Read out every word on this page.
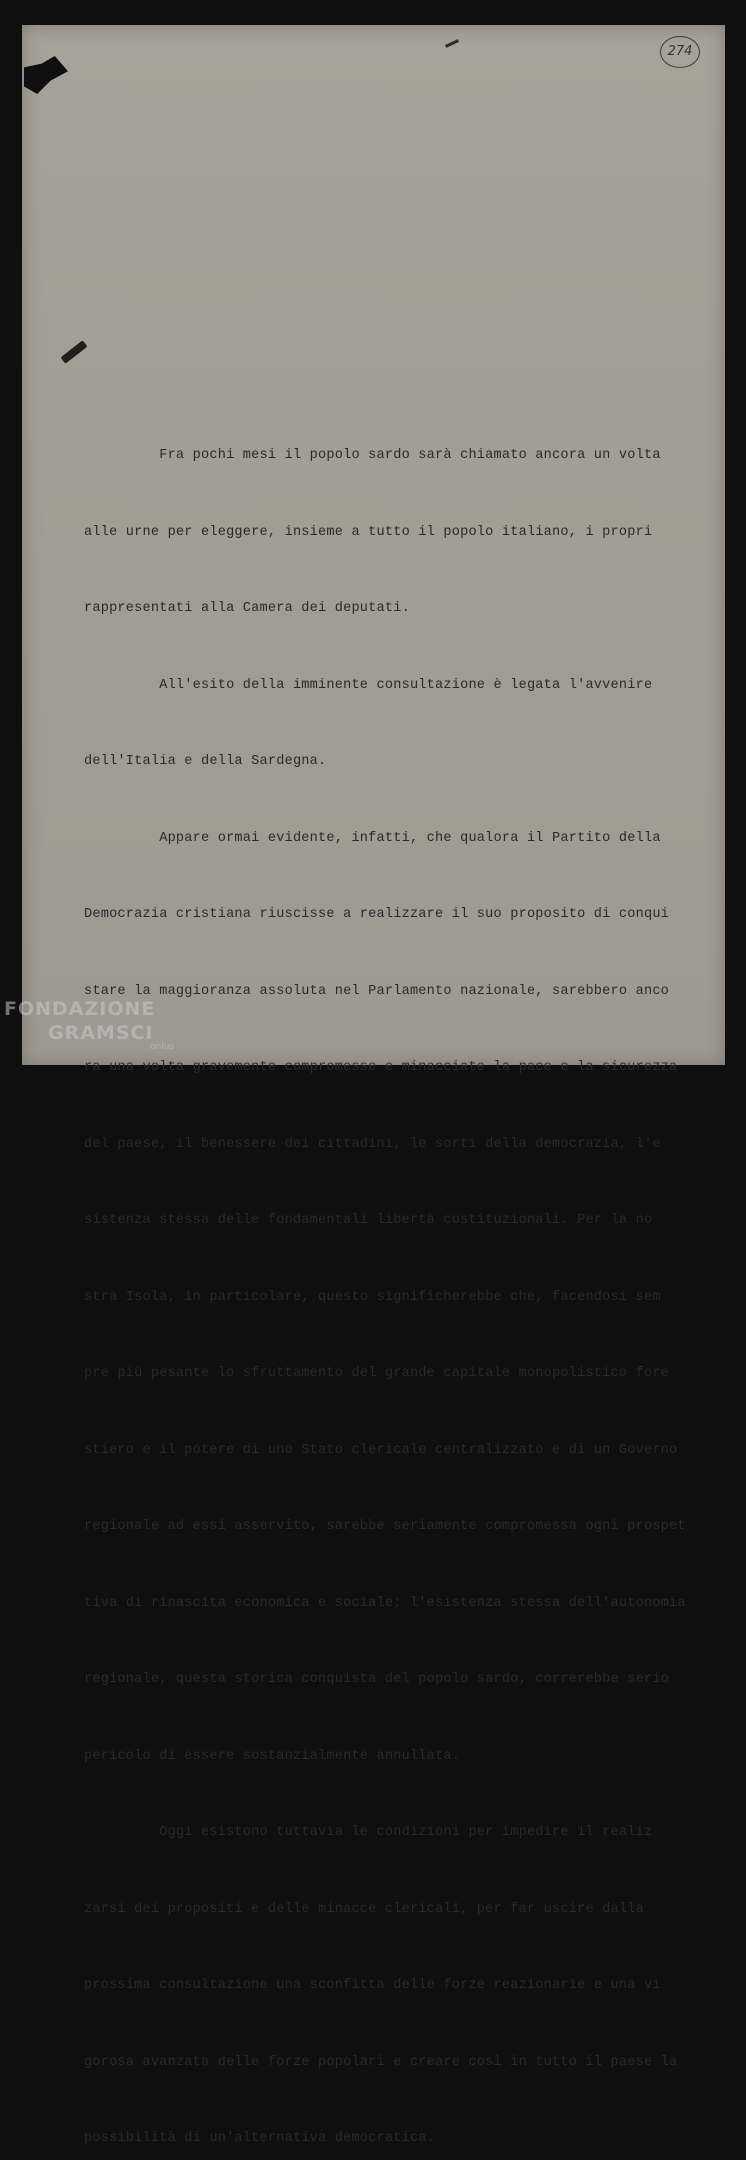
274

Fra pochi mesi il popolo sardo sarà chiamato ancora un volta

alle urne per eleggere, insieme a tutto il popolo italiano, i propri

rappresentati alla Camera dei deputati.

All'esito della imminente consultazione è legata l'avvenire

dell'Italia e della Sardegna.

Appare ormai evidente, infatti, che qualora il Partito della

Democrazia cristiana riuscisse a realizzare il suo proposito di conqui

stare la maggioranza assoluta nel Parlamento nazionale, sarebbero anco

ra una volta gravemente compromesse e minacciate la pace e la sicurezza

del paese, il benessere dei cittadini, le sorti della democrazia, l'e

sistenza stessa delle fondamentali libertà costituzionali. Per la no

stra Isola, in particolare, questo significherebbe che, facendosi sem

pre più pesante lo sfruttamento del grande capitale monopolistico fore

stiero e il potere di uno Stato clericale centralizzato e di un Governo

regionale ad essi asservito, sarebbe seriamente compromessa ogni prospet

tiva di rinascita economica e sociale; l'esistenza stessa dell'autonomia

regionale, questa storica conquista del popolo sardo, correrebbe serio

pericolo di essere sostanzialmente annullata.

Oggi esistono tuttavia le condizioni per impedire il realiz

zarsi dei propositi e delle minacce clericali, per far uscire dalla

prossima consultazione una sconfitta delle forze reazionarie e una vi

gorosa avanzata delle forze popolari e creare così in tutto il paese la

possibilità di un'alternativa democratica.

FONDAZIONE
GRAMSCI
onlus
